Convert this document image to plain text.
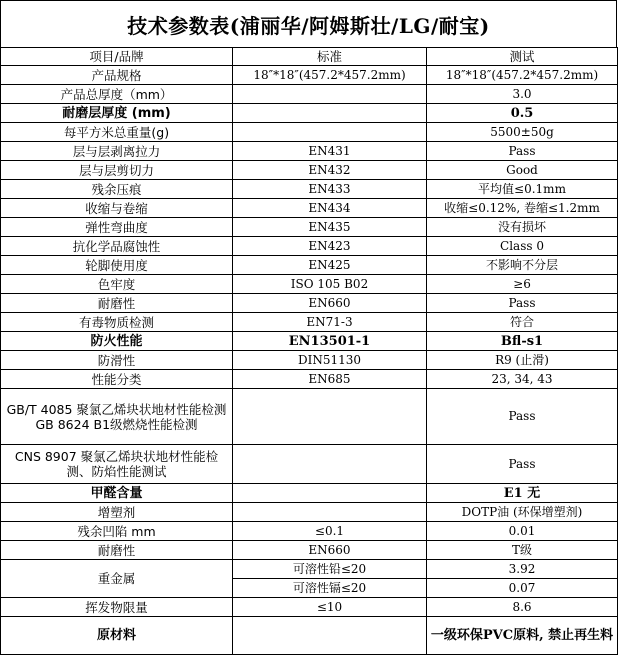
技术参数表(浦丽华/阿姆斯壮/LG/耐宝)
项目/品牌	标准	测试
产品规格	18″*18″(457.2*457.2mm)	18″*18″(457.2*457.2mm)
产品总厚度（mm）		3.0
耐磨层厚度 (mm)		0.5
每平方米总重量(g)		5500±50g
层与层剥离拉力	EN431	Pass
层与层剪切力	EN432	Good
残余压痕	EN433	平均值≤0.1mm
收缩与卷缩	EN434	收缩≤0.12%, 卷缩≤1.2mm
弹性弯曲度	EN435	没有损坏
抗化学品腐蚀性	EN423	Class 0
轮脚使用度	EN425	不影响不分层
色牢度	ISO 105 B02	≥6
耐磨性	EN660	Pass
有毒物质检测	EN71-3	符合
防火性能	EN13501-1	Bfl-s1
防滑性	DIN51130	R9 (止滑)
性能分类	EN685	23, 34, 43
GB/T 4085 聚氯乙烯块状地材性能检测 GB 8624 B1级燃烧性能检测		Pass
CNS 8907 聚氯乙烯块状地材性能检测、防焰性能测试		Pass
甲醛含量		E1 无
增塑剂		DOTP油 (环保增塑剂)
残余凹陷 mm	≤0.1	0.01
耐磨性	EN660	T级
重金属	可溶性铅≤20	3.92
	可溶性镉≤20	0.07
挥发物限量	≤10	8.6
原材料		一级环保PVC原料, 禁止再生料
